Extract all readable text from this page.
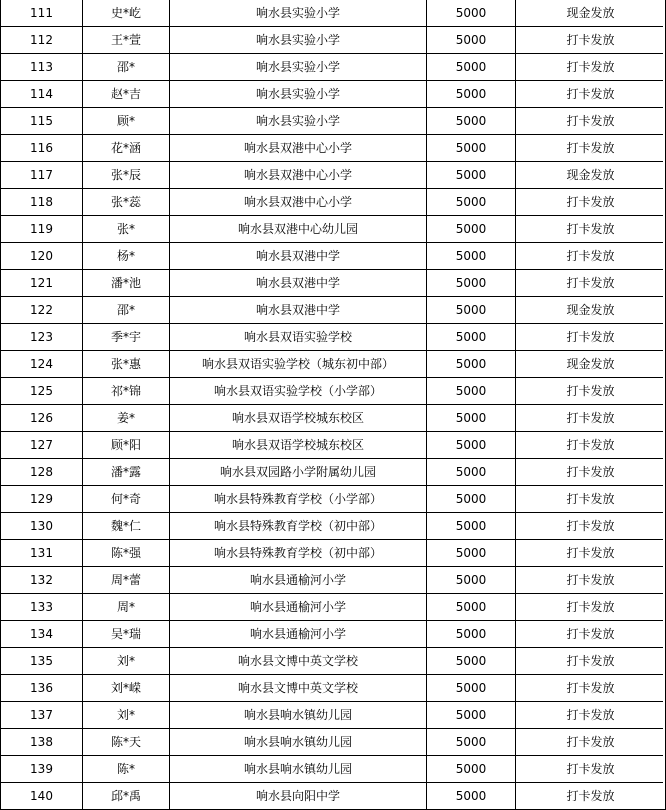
111	史*屹	响水县实验小学	5000	现金发放
112	王*萱	响水县实验小学	5000	打卡发放
113	邵*	响水县实验小学	5000	打卡发放
114	赵*吉	响水县实验小学	5000	打卡发放
115	顾*	响水县实验小学	5000	打卡发放
116	花*涵	响水县双港中心小学	5000	打卡发放
117	张*辰	响水县双港中心小学	5000	现金发放
118	张*蕊	响水县双港中心小学	5000	打卡发放
119	张*	响水县双港中心幼儿园	5000	打卡发放
120	杨*	响水县双港中学	5000	打卡发放
121	潘*池	响水县双港中学	5000	打卡发放
122	邵*	响水县双港中学	5000	现金发放
123	季*宇	响水县双语实验学校	5000	打卡发放
124	张*惠	响水县双语实验学校（城东初中部）	5000	现金发放
125	祁*锦	响水县双语实验学校（小学部）	5000	打卡发放
126	姜*	响水县双语学校城东校区	5000	打卡发放
127	顾*阳	响水县双语学校城东校区	5000	打卡发放
128	潘*露	响水县双园路小学附属幼儿园	5000	打卡发放
129	何*奇	响水县特殊教育学校（小学部）	5000	打卡发放
130	魏*仁	响水县特殊教育学校（初中部）	5000	打卡发放
131	陈*强	响水县特殊教育学校（初中部）	5000	打卡发放
132	周*蕾	响水县通榆河小学	5000	打卡发放
133	周*	响水县通榆河小学	5000	打卡发放
134	吴*瑞	响水县通榆河小学	5000	打卡发放
135	刘*	响水县文博中英文学校	5000	打卡发放
136	刘*嵘	响水县文博中英文学校	5000	打卡发放
137	刘*	响水县响水镇幼儿园	5000	打卡发放
138	陈*天	响水县响水镇幼儿园	5000	打卡发放
139	陈*	响水县响水镇幼儿园	5000	打卡发放
140	邱*禹	响水县向阳中学	5000	打卡发放
